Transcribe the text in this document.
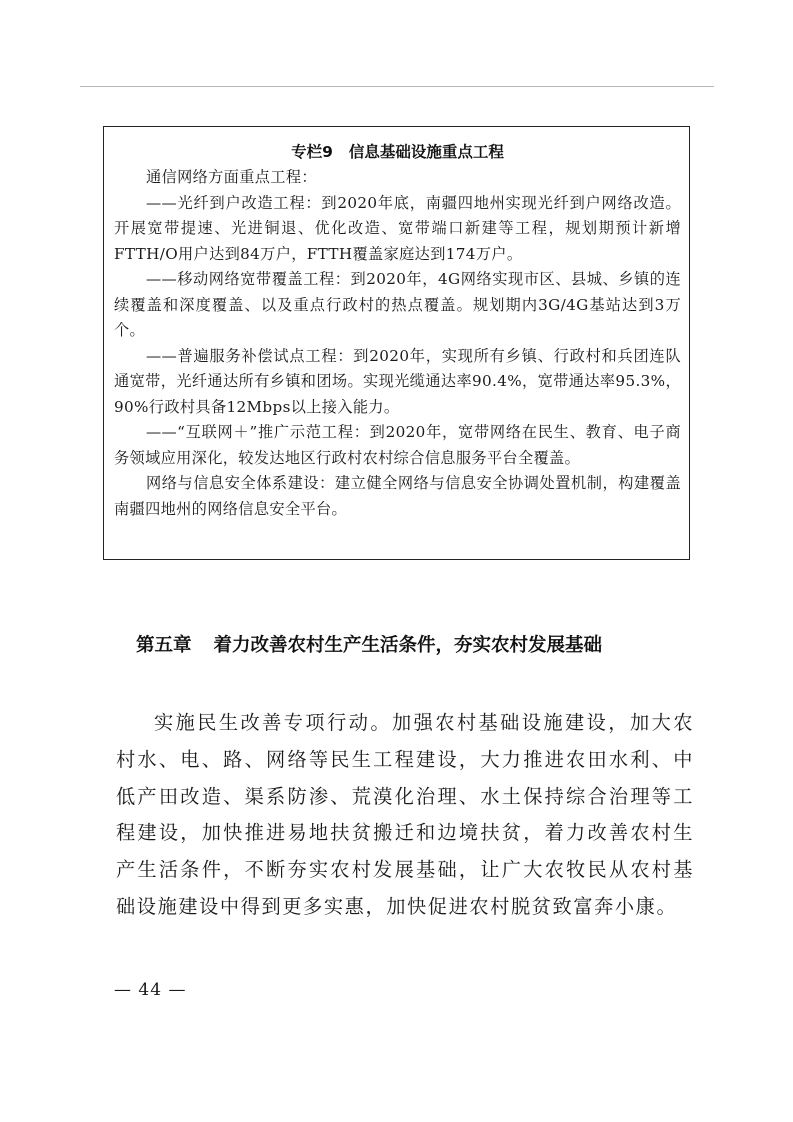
专栏9 信息基础设施重点工程

通信网络方面重点工程：

——光纤到户改造工程：到2020年底，南疆四地州实现光纤到户网络改造。开展宽带提速、光进铜退、优化改造、宽带端口新建等工程，规划期预计新增FTTH/O用户达到84万户，FTTH覆盖家庭达到174万户。

——移动网络宽带覆盖工程：到2020年，4G网络实现市区、县城、乡镇的连续覆盖和深度覆盖、以及重点行政村的热点覆盖。规划期内3G/4G基站达到3万个。

——普遍服务补偿试点工程：到2020年，实现所有乡镇、行政村和兵团连队通宽带，光纤通达所有乡镇和团场。实现光缆通达率90.4%，宽带通达率95.3%，90%行政村具备12Mbps以上接入能力。

——“互联网＋”推广示范工程：到2020年，宽带网络在民生、教育、电子商务领域应用深化，较发达地区行政村农村综合信息服务平台全覆盖。

网络与信息安全体系建设：建立健全网络与信息安全协调处置机制，构建覆盖南疆四地州的网络信息安全平台。

第五章 着力改善农村生产生活条件，夯实农村发展基础

实施民生改善专项行动。加强农村基础设施建设，加大农村水、电、路、网络等民生工程建设，大力推进农田水利、中低产田改造、渠系防渗、荒漠化治理、水土保持综合治理等工程建设，加快推进易地扶贫搬迁和边境扶贫，着力改善农村生产生活条件，不断夯实农村发展基础，让广大农牧民从农村基础设施建设中得到更多实惠，加快促进农村脱贫致富奔小康。

— 44 —
